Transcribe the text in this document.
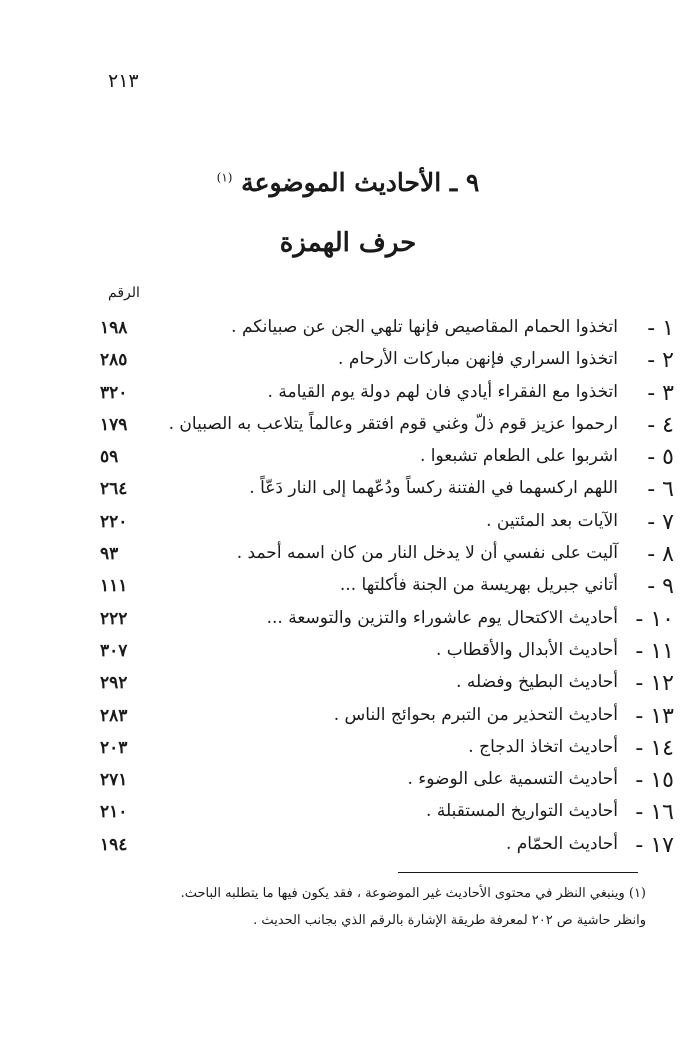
٢١٣
٩ ـ الأحاديث الموضوعة $^{(١)}$
حرف الهمزة
الرقم
١ -
اتخذوا الحمام المقاصيص فإنها تلهي الجن عن صبيانكم .
١٩٨
٢ -
اتخذوا السراري فإنهن مباركات الأرحام .
٢٨٥
٣ -
اتخذوا مع الفقراء أيادي فان لهم دولة يوم القيامة .
٣٢٠
٤ -
ارحموا عزيز قوم ذلّ وغني قوم افتقر وعالماً يتلاعب به الصبيان .
١٧٩
٥ -
اشربوا على الطعام تشبعوا .
٥٩
٦ -
اللهم اركسهما في الفتنة ركساً ودُعّهما إلى النار دَعّاً .
٢٦٤
٧ -
الآيات بعد المئتين .
٢٢٠
٨ -
آليت على نفسي أن لا يدخل النار من كان اسمه أحمد .
٩٣
٩ -
أتاني جبريل بهريسة من الجنة فأكلتها ...
١١١
١٠ -
أحاديث الاكتحال يوم عاشوراء والتزين والتوسعة ...
٢٢٢
١١ -
أحاديث الأبدال والأقطاب .
٣٠٧
١٢ -
أحاديث البطيخ وفضله .
٢٩٢
١٣ -
أحاديث التحذير من التبرم بحوائج الناس .
٢٨٣
١٤ -
أحاديث اتخاذ الدجاج .
٢٠٣
١٥ -
أحاديث التسمية على الوضوء .
٢٧١
١٦ -
أحاديث التواريخ المستقبلة .
٢١٠
١٧ -
أحاديث الحمّام .
١٩٤
(١) وينبغي النظر في محتوى الأحاديث غير الموضوعة ، فقد يكون فيها ما يتطلبه الباحث.
وانظر حاشية ص ٢٠٢ لمعرفة طريقة الإشارة بالرقم الذي بجانب الحديث .
